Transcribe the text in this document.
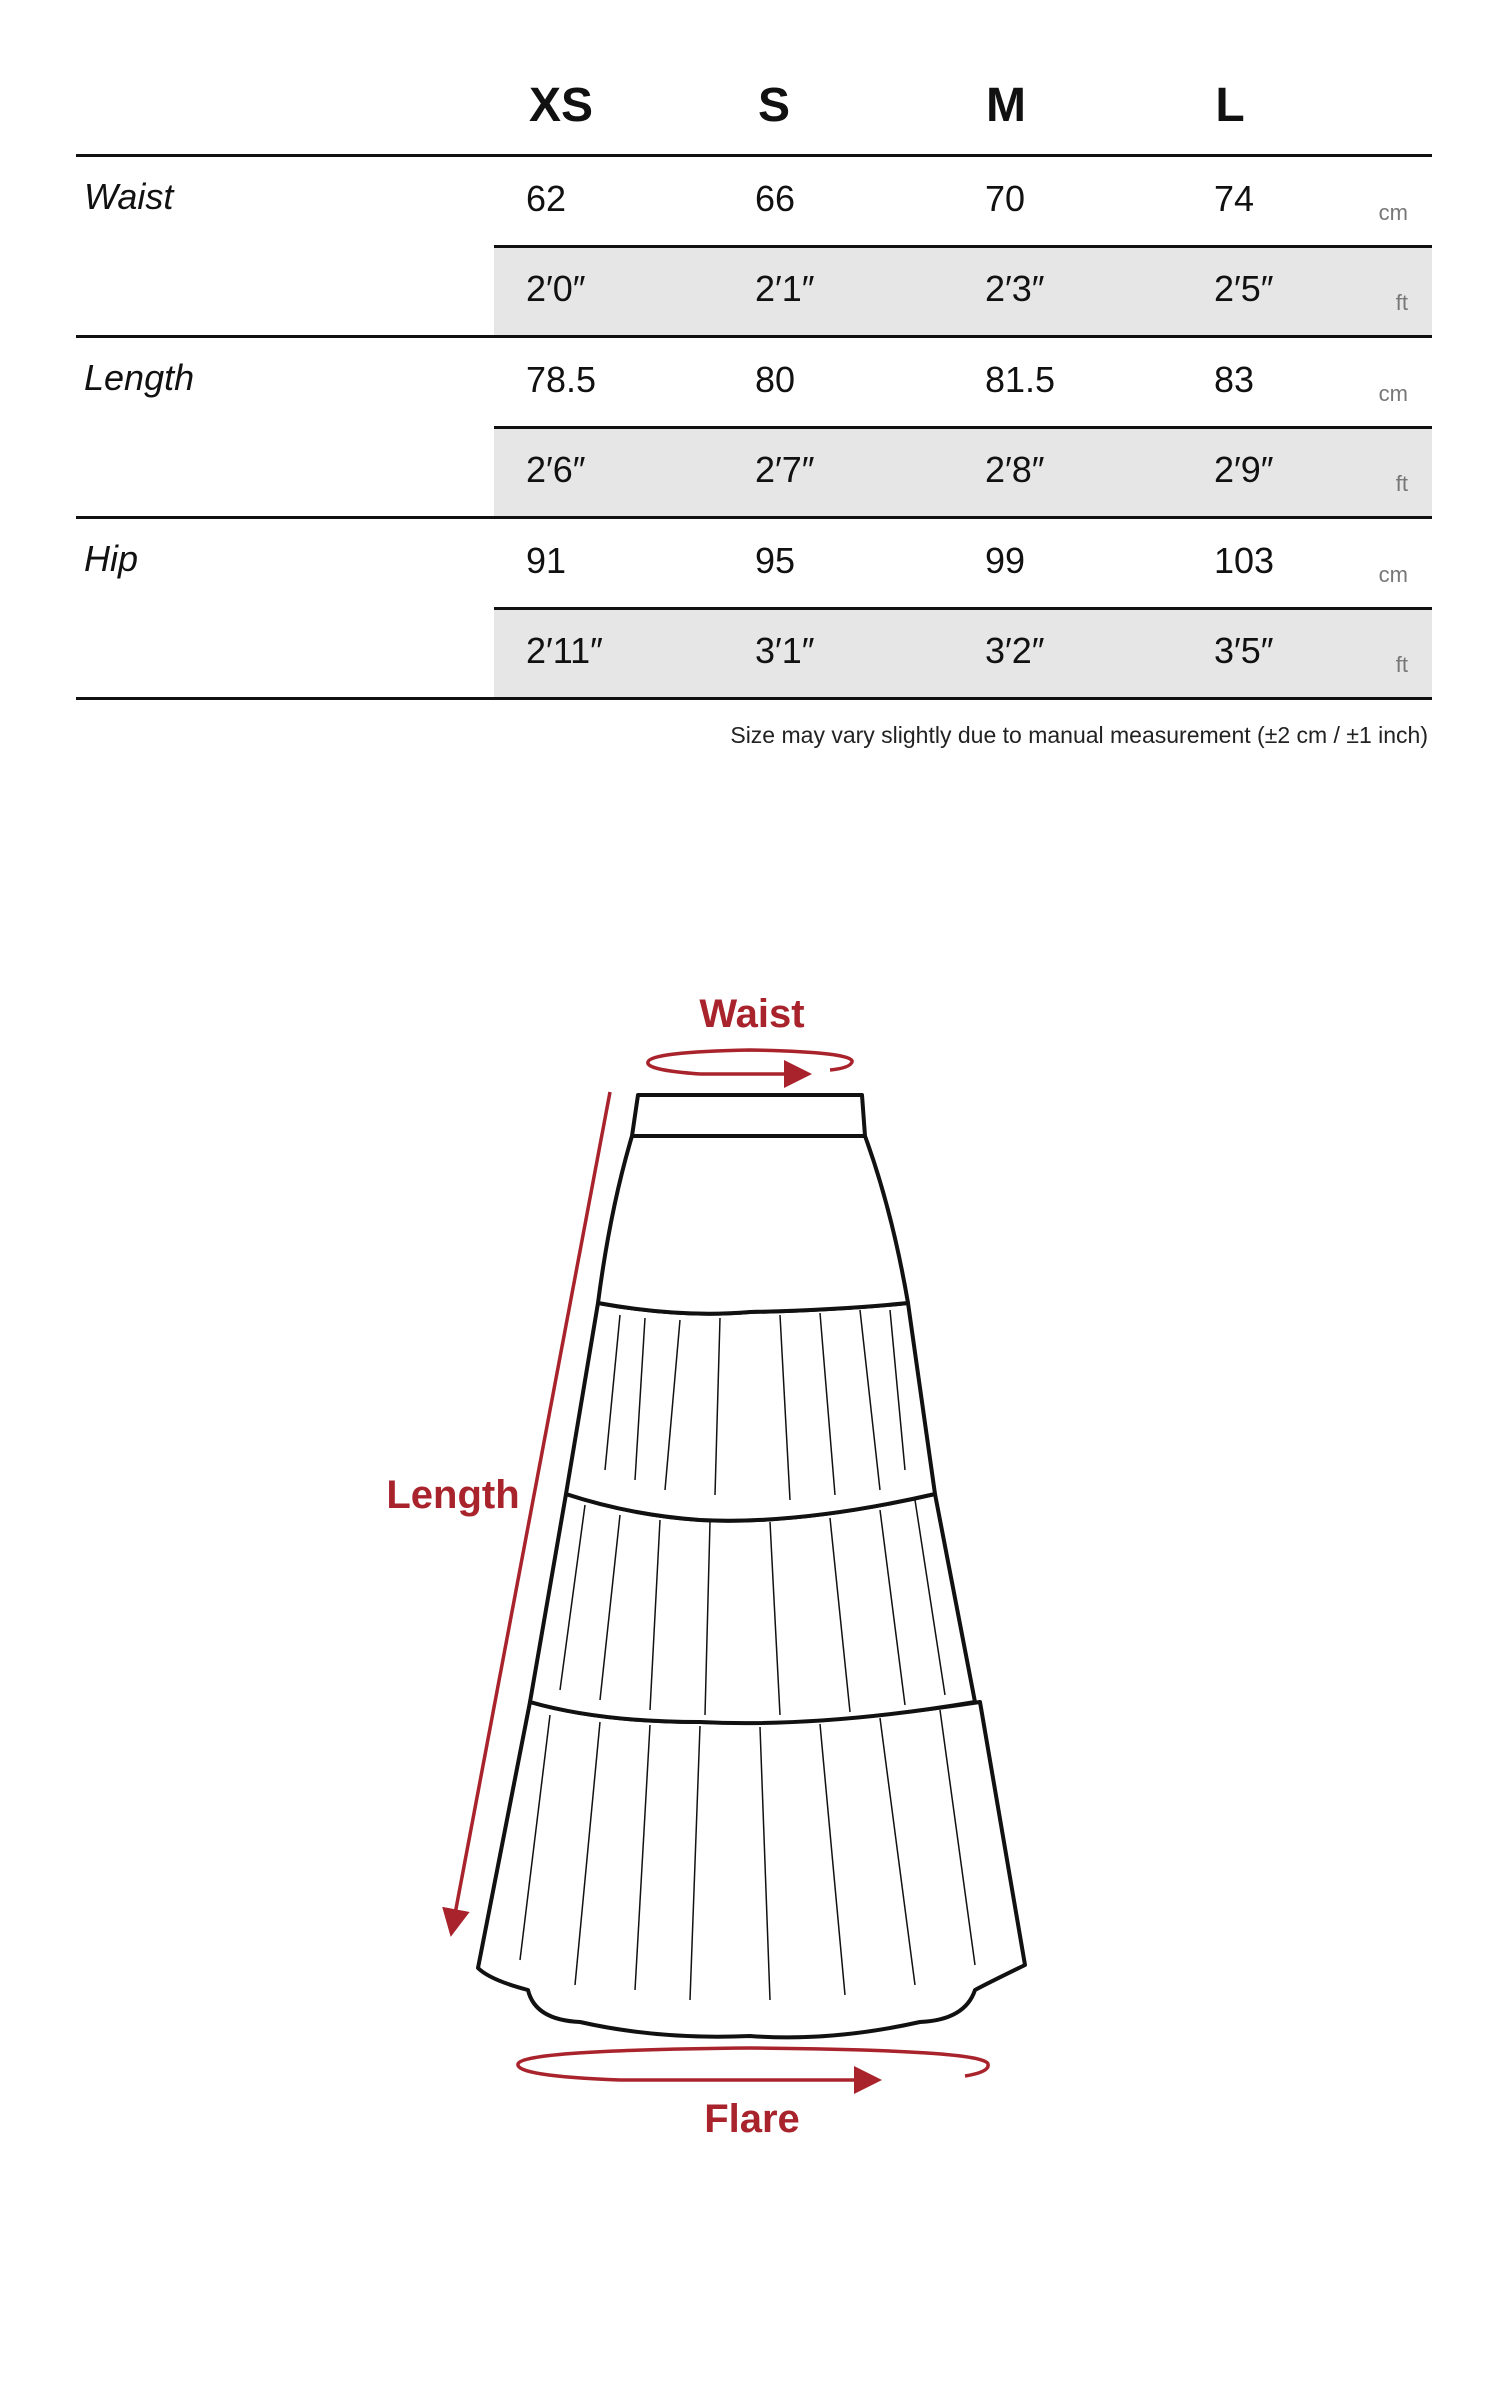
XS	S	M	L
Waist	62	66	70	74	cm
2′0″	2′1″	2′3″	2′5″	ft
Length	78.5	80	81.5	83	cm
2′6″	2′7″	2′8″	2′9″	ft
Hip	91	95	99	103	cm
2′11″	3′1″	3′2″	3′5″	ft
Size may vary slightly due to manual measurement (±2 cm / ±1 inch)
Waist
Length
Flare
